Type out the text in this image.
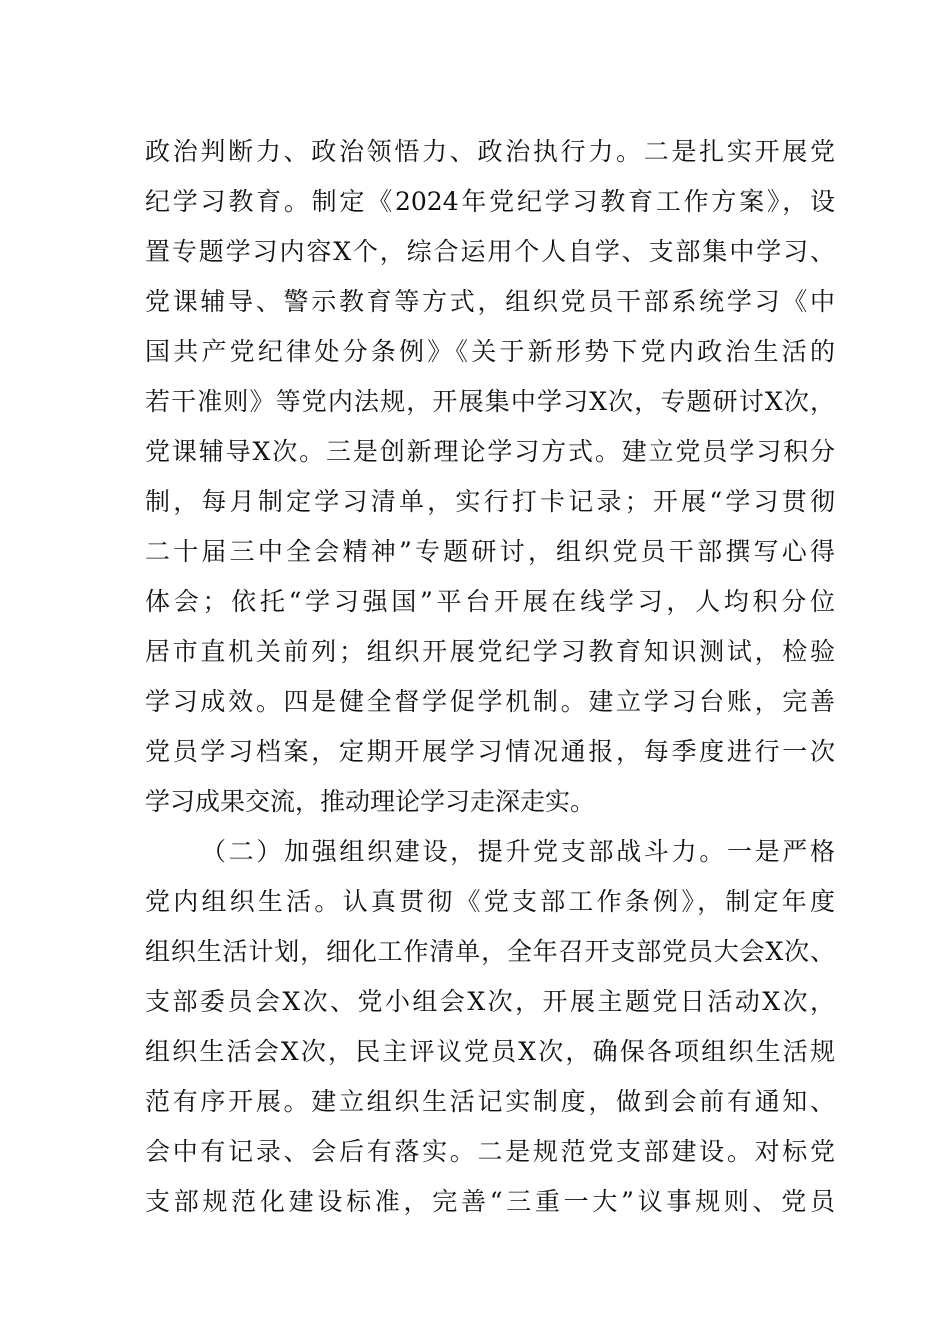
政治判断力、政治领悟力、政治执行力。二是扎实开展党
纪学习教育。制定《2024年党纪学习教育工作方案》，设
置专题学习内容X个，综合运用个人自学、支部集中学习、
党课辅导、警示教育等方式，组织党员干部系统学习《中
国共产党纪律处分条例》《关于新形势下党内政治生活的
若干准则》等党内法规，开展集中学习X次，专题研讨X次，
党课辅导X次。三是创新理论学习方式。建立党员学习积分
制，每月制定学习清单，实行打卡记录；开展“学习贯彻
二十届三中全会精神”专题研讨，组织党员干部撰写心得
体会；依托“学习强国”平台开展在线学习，人均积分位
居市直机关前列；组织开展党纪学习教育知识测试，检验
学习成效。四是健全督学促学机制。建立学习台账，完善
党员学习档案，定期开展学习情况通报，每季度进行一次
学习成果交流，推动理论学习走深走实。
（二）加强组织建设，提升党支部战斗力。一是严格
党内组织生活。认真贯彻《党支部工作条例》，制定年度
组织生活计划，细化工作清单，全年召开支部党员大会X次、
支部委员会X次、党小组会X次，开展主题党日活动X次，
组织生活会X次，民主评议党员X次，确保各项组织生活规
范有序开展。建立组织生活记实制度，做到会前有通知、
会中有记录、会后有落实。二是规范党支部建设。对标党
支部规范化建设标准，完善“三重一大”议事规则、党员
